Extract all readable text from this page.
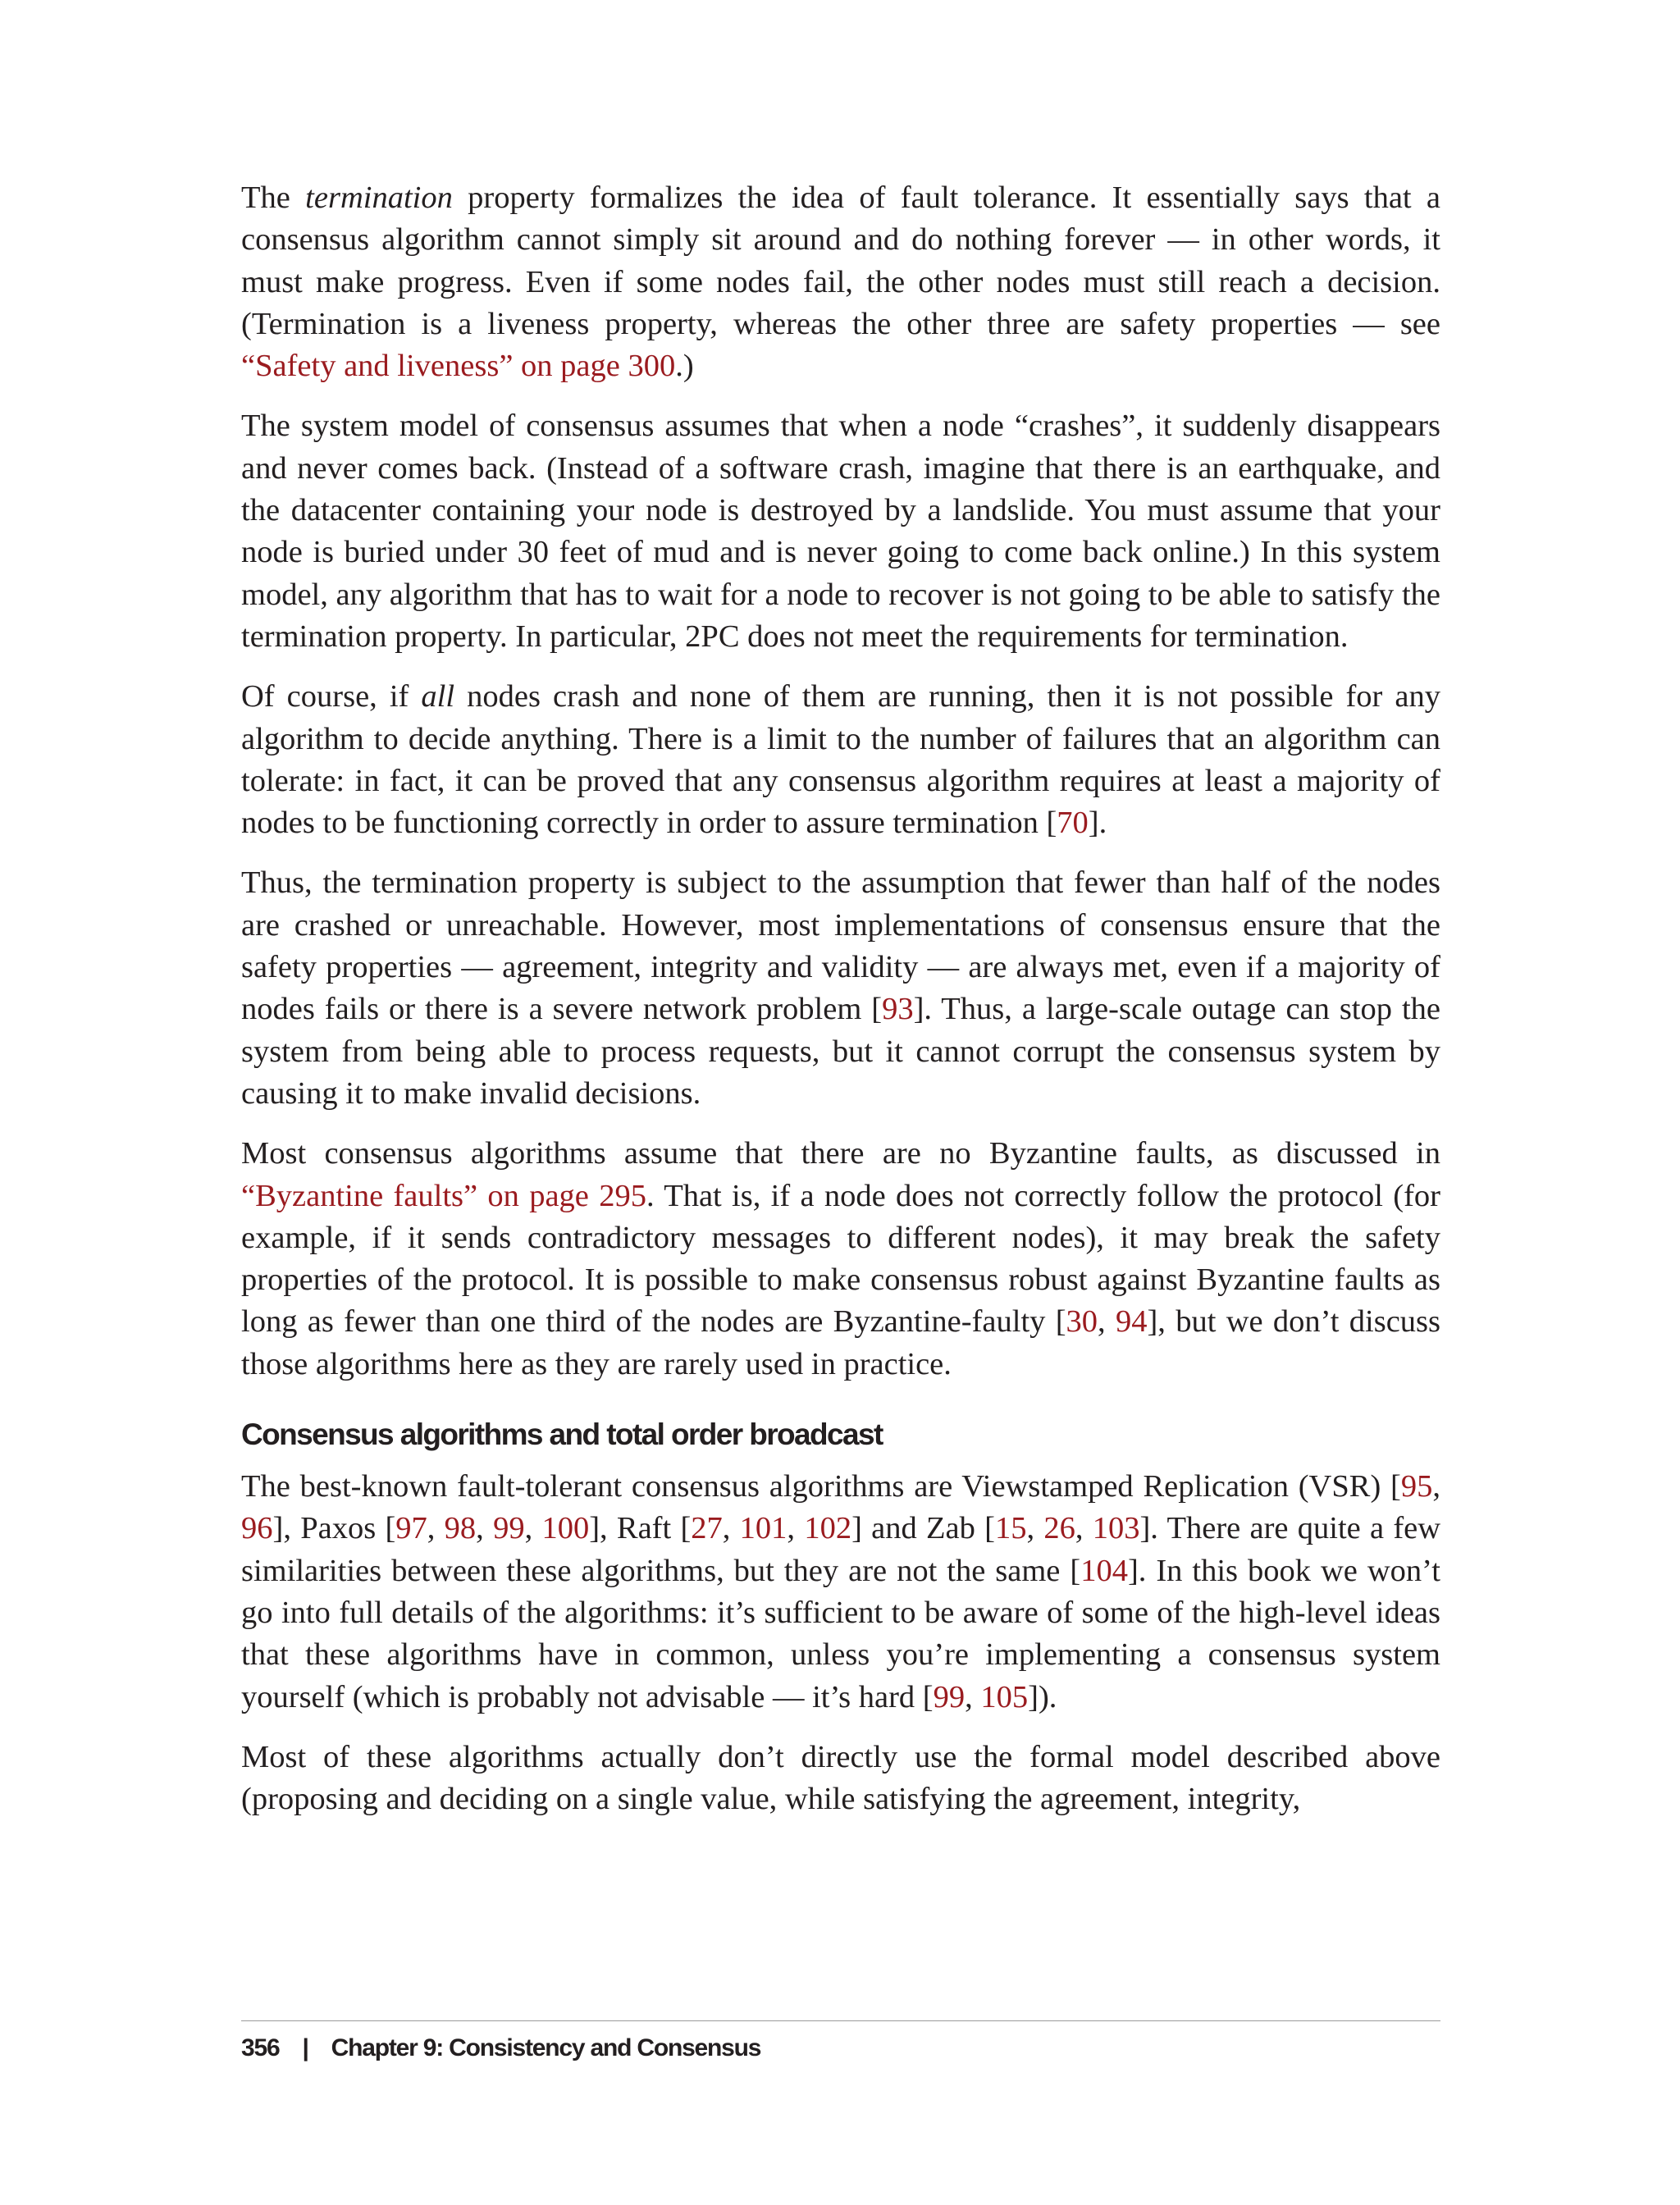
The termination property formalizes the idea of fault tolerance. It essentially says that a consensus algorithm cannot simply sit around and do nothing forever — in other words, it must make progress. Even if some nodes fail, the other nodes must still reach a decision. (Termination is a liveness property, whereas the other three are safety properties — see “Safety and liveness” on page 300.)

The system model of consensus assumes that when a node “crashes”, it suddenly disappears and never comes back. (Instead of a software crash, imagine that there is an earthquake, and the datacenter containing your node is destroyed by a landslide. You must assume that your node is buried under 30 feet of mud and is never going to come back online.) In this system model, any algorithm that has to wait for a node to recover is not going to be able to satisfy the termination property. In particular, 2PC does not meet the requirements for termination.

Of course, if all nodes crash and none of them are running, then it is not possible for any algorithm to decide anything. There is a limit to the number of failures that an algorithm can tolerate: in fact, it can be proved that any consensus algorithm requires at least a majority of nodes to be functioning correctly in order to assure termination [70].

Thus, the termination property is subject to the assumption that fewer than half of the nodes are crashed or unreachable. However, most implementations of consensus ensure that the safety properties — agreement, integrity and validity — are always met, even if a majority of nodes fails or there is a severe network problem [93]. Thus, a large-scale outage can stop the system from being able to process requests, but it cannot corrupt the consensus system by causing it to make invalid decisions.

Most consensus algorithms assume that there are no Byzantine faults, as discussed in “Byzantine faults” on page 295. That is, if a node does not correctly follow the protocol (for example, if it sends contradictory messages to different nodes), it may break the safety properties of the protocol. It is possible to make consensus robust against Byzantine faults as long as fewer than one third of the nodes are Byzantine-faulty [30, 94], but we don’t discuss those algorithms here as they are rarely used in practice.

Consensus algorithms and total order broadcast

The best-known fault-tolerant consensus algorithms are Viewstamped Replication (VSR) [95, 96], Paxos [97, 98, 99, 100], Raft [27, 101, 102] and Zab [15, 26, 103]. There are quite a few similarities between these algorithms, but they are not the same [104]. In this book we won’t go into full details of the algorithms: it’s sufficient to be aware of some of the high-level ideas that these algorithms have in common, unless you’re implementing a consensus system yourself (which is probably not advisable — it’s hard [99, 105]).

Most of these algorithms actually don’t directly use the formal model described above (proposing and deciding on a single value, while satisfying the agreement, integrity,

356 | Chapter 9: Consistency and Consensus
